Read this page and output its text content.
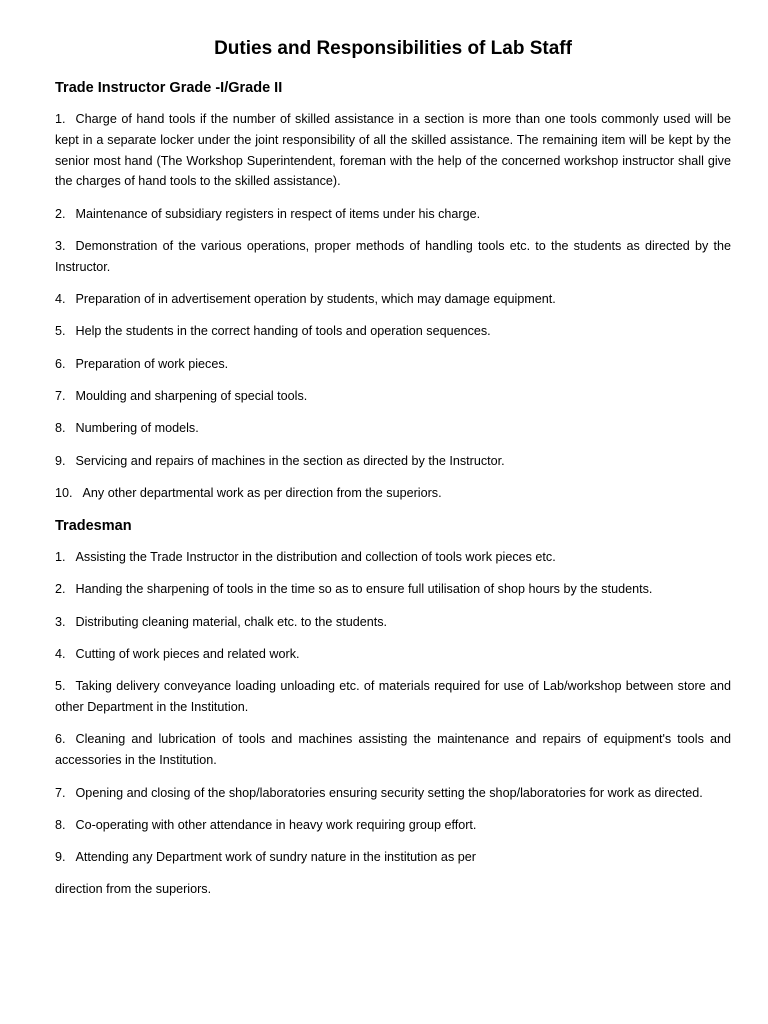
Duties and Responsibilities of Lab Staff
Trade Instructor Grade -I/Grade II
1. Charge of hand tools if the number of skilled assistance in a section is more than one tools commonly used will be kept in a separate locker under the joint responsibility of all the skilled assistance. The remaining item will be kept by the senior most hand (The Workshop Superintendent, foreman with the help of the concerned workshop instructor shall give the charges of hand tools to the skilled assistance).
2. Maintenance of subsidiary registers in respect of items under his charge.
3. Demonstration of the various operations, proper methods of handling tools etc. to the students as directed by the Instructor.
4. Preparation of in advertisement operation by students, which may damage equipment.
5. Help the students in the correct handing of tools and operation sequences.
6. Preparation of work pieces.
7. Moulding and sharpening of special tools.
8. Numbering of models.
9. Servicing and repairs of machines in the section as directed by the Instructor.
10. Any other departmental work as per direction from the superiors.
Tradesman
1. Assisting the Trade Instructor in the distribution and collection of tools work pieces etc.
2. Handing the sharpening of tools in the time so as to ensure full utilisation of shop hours by the students.
3. Distributing cleaning material, chalk etc. to the students.
4. Cutting of work pieces and related work.
5. Taking delivery conveyance loading unloading etc. of materials required for use of Lab/workshop between store and other Department in the Institution.
6. Cleaning and lubrication of tools and machines assisting the maintenance and repairs of equipment's tools and accessories in the Institution.
7. Opening and closing of the shop/laboratories ensuring security setting the shop/laboratories for work as directed.
8. Co-operating with other attendance in heavy work requiring group effort.
9. Attending any Department work of sundry nature in the institution as per
direction from the superiors.
